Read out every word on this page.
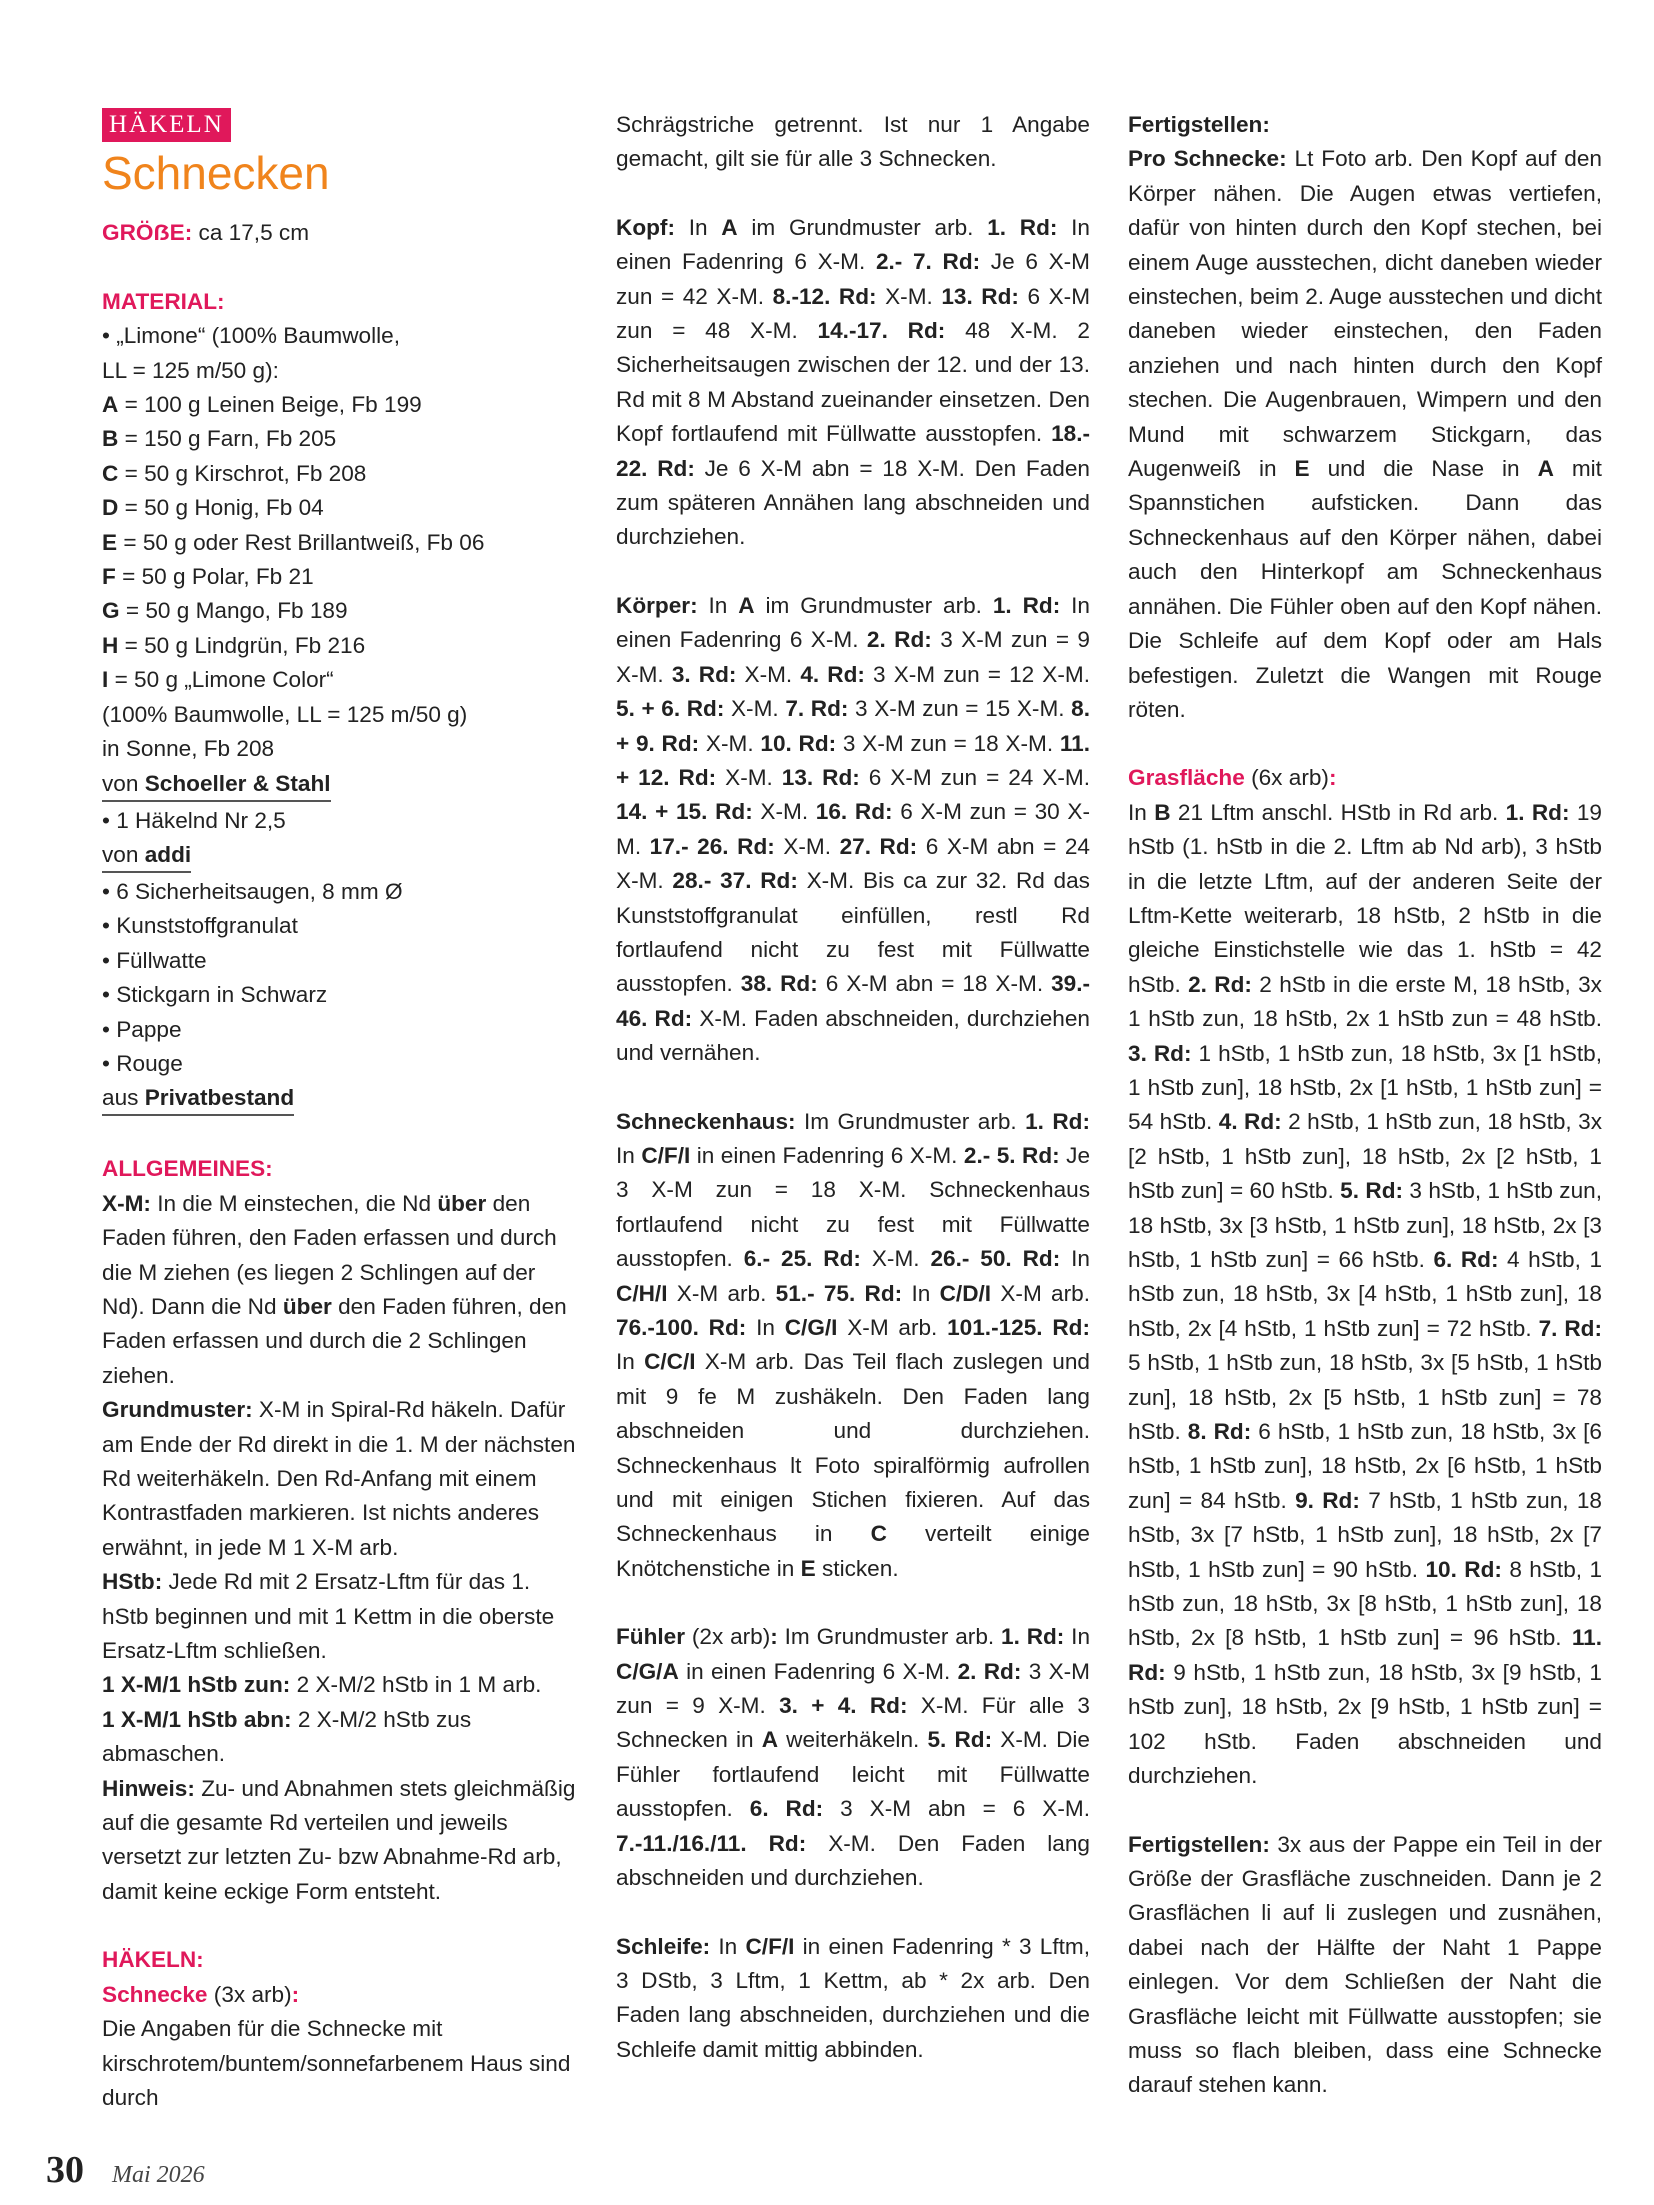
HÄKELN
Schnecken

GRÖẞE: ca 17,5 cm

MATERIAL:

• „Limone“ (100% Baumwolle,

LL = 125 m/50 g):

A = 100 g Leinen Beige, Fb 199

B = 150 g Farn, Fb 205

C = 50 g Kirschrot, Fb 208

D = 50 g Honig, Fb 04

E = 50 g oder Rest Brillantweiß, Fb 06

F = 50 g Polar, Fb 21

G = 50 g Mango, Fb 189

H = 50 g Lindgrün, Fb 216

I = 50 g „Limone Color“

(100% Baumwolle, LL = 125 m/50 g)

in Sonne, Fb 208

von Schoeller & Stahl

• 1 Häkelnd Nr 2,5

von addi

• 6 Sicherheitsaugen, 8 mm Ø

• Kunststoffgranulat

• Füllwatte

• Stickgarn in Schwarz

• Pappe

• Rouge

aus Privatbestand

ALLGEMEINES:

X-M: In die M einstechen, die Nd über den Faden führen, den Faden erfassen und durch die M ziehen (es liegen 2 Schlingen auf der Nd). Dann die Nd über den Faden führen, den Faden erfassen und durch die 2 Schlingen ziehen.

Grundmuster: X-M in Spiral-Rd häkeln. Dafür am Ende der Rd direkt in die 1. M der nächsten Rd weiterhäkeln. Den Rd-Anfang mit einem Kontrastfaden markieren. Ist nichts anderes erwähnt, in jede M 1 X-M arb.

HStb: Jede Rd mit 2 Ersatz-Lftm für das 1. hStb beginnen und mit 1 Kettm in die oberste Ersatz-Lftm schließen.

1 X-M/1 hStb zun: 2 X-M/2 hStb in 1 M arb.

1 X-M/1 hStb abn: 2 X-M/2 hStb zus abmaschen.

Hinweis: Zu- und Abnahmen stets gleichmäßig auf die gesamte Rd verteilen und jeweils versetzt zur letzten Zu- bzw Abnahme-Rd arb, damit keine eckige Form entsteht.

HÄKELN:

Schnecke (3x arb):

Die Angaben für die Schnecke mit kirschrotem/buntem/sonnefarbenem Haus sind durch

Schrägstriche getrennt. Ist nur 1 Angabe gemacht, gilt sie für alle 3 Schnecken.

Kopf: In A im Grundmuster arb. 1. Rd: In einen Fadenring 6 X-M. 2.- 7. Rd: Je 6 X-M zun = 42 X-M. 8.-12. Rd: X-M. 13. Rd: 6 X-M zun = 48 X-M. 14.-17. Rd: 48 X-M. 2 Sicherheitsaugen zwischen der 12. und der 13. Rd mit 8 M Abstand zueinander einsetzen. Den Kopf fortlaufend mit Füllwatte ausstopfen. 18.- 22. Rd: Je 6 X-M abn = 18 X-M. Den Faden zum späteren Annähen lang abschneiden und durchziehen.

Körper: In A im Grundmuster arb. 1. Rd: In einen Fadenring 6 X-M. 2. Rd: 3 X-M zun = 9 X-M. 3. Rd: X-M. 4. Rd: 3 X-M zun = 12 X-M. 5. + 6. Rd: X-M. 7. Rd: 3 X-M zun = 15 X-M. 8. + 9. Rd: X-M. 10. Rd: 3 X-M zun = 18 X-M. 11. + 12. Rd: X-M. 13. Rd: 6 X-M zun = 24 X-M. 14. + 15. Rd: X-M. 16. Rd: 6 X-M zun = 30 X-M. 17.- 26. Rd: X-M. 27. Rd: 6 X-M abn = 24 X-M. 28.- 37. Rd: X-M. Bis ca zur 32. Rd das Kunststoffgranulat einfüllen, restl Rd fortlaufend nicht zu fest mit Füllwatte ausstopfen. 38. Rd: 6 X-M abn = 18 X-M. 39.- 46. Rd: X-M. Faden abschneiden, durchziehen und vernähen.

Schneckenhaus: Im Grundmuster arb. 1. Rd: In C/F/I in einen Fadenring 6 X-M. 2.- 5. Rd: Je 3 X-M zun = 18 X-M. Schneckenhaus fortlaufend nicht zu fest mit Füllwatte ausstopfen. 6.- 25. Rd: X-M. 26.- 50. Rd: In C/H/I X-M arb. 51.- 75. Rd: In C/D/I X-M arb. 76.-100. Rd: In C/G/I X-M arb. 101.-125. Rd: In C/C/I X-M arb. Das Teil flach zuslegen und mit 9 fe M zushäkeln. Den Faden lang abschneiden und durchziehen. Schneckenhaus lt Foto spiralförmig aufrollen und mit einigen Stichen fixieren. Auf das Schneckenhaus in C verteilt einige Knötchenstiche in E sticken.

Fühler (2x arb): Im Grundmuster arb. 1. Rd: In C/G/A in einen Fadenring 6 X-M. 2. Rd: 3 X-M zun = 9 X-M. 3. + 4. Rd: X-M. Für alle 3 Schnecken in A weiterhäkeln. 5. Rd: X-M. Die Fühler fortlaufend leicht mit Füllwatte ausstopfen. 6. Rd: 3 X-M abn = 6 X-M. 7.-11./16./11. Rd: X-M. Den Faden lang abschneiden und durchziehen.

Schleife: In C/F/I in einen Fadenring * 3 Lftm, 3 DStb, 3 Lftm, 1 Kettm, ab * 2x arb. Den Faden lang abschneiden, durchziehen und die Schleife damit mittig abbinden.

Fertigstellen:

Pro Schnecke: Lt Foto arb. Den Kopf auf den Körper nähen. Die Augen etwas vertiefen, dafür von hinten durch den Kopf stechen, bei einem Auge ausstechen, dicht daneben wieder einstechen, beim 2. Auge ausstechen und dicht daneben wieder einstechen, den Faden anziehen und nach hinten durch den Kopf stechen. Die Augenbrauen, Wimpern und den Mund mit schwarzem Stickgarn, das Augenweiß in E und die Nase in A mit Spannstichen aufsticken. Dann das Schneckenhaus auf den Körper nähen, dabei auch den Hinterkopf am Schneckenhaus annähen. Die Fühler oben auf den Kopf nähen. Die Schleife auf dem Kopf oder am Hals befestigen. Zuletzt die Wangen mit Rouge röten.

Grasfläche (6x arb):

In B 21 Lftm anschl. HStb in Rd arb. 1. Rd: 19 hStb (1. hStb in die 2. Lftm ab Nd arb), 3 hStb in die letzte Lftm, auf der anderen Seite der Lftm-Kette weiterarb, 18 hStb, 2 hStb in die gleiche Einstichstelle wie das 1. hStb = 42 hStb. 2. Rd: 2 hStb in die erste M, 18 hStb, 3x 1 hStb zun, 18 hStb, 2x 1 hStb zun = 48 hStb. 3. Rd: 1 hStb, 1 hStb zun, 18 hStb, 3x [1 hStb, 1 hStb zun], 18 hStb, 2x [1 hStb, 1 hStb zun] = 54 hStb. 4. Rd: 2 hStb, 1 hStb zun, 18 hStb, 3x [2 hStb, 1 hStb zun], 18 hStb, 2x [2 hStb, 1 hStb zun] = 60 hStb. 5. Rd: 3 hStb, 1 hStb zun, 18 hStb, 3x [3 hStb, 1 hStb zun], 18 hStb, 2x [3 hStb, 1 hStb zun] = 66 hStb. 6. Rd: 4 hStb, 1 hStb zun, 18 hStb, 3x [4 hStb, 1 hStb zun], 18 hStb, 2x [4 hStb, 1 hStb zun] = 72 hStb. 7. Rd: 5 hStb, 1 hStb zun, 18 hStb, 3x [5 hStb, 1 hStb zun], 18 hStb, 2x [5 hStb, 1 hStb zun] = 78 hStb. 8. Rd: 6 hStb, 1 hStb zun, 18 hStb, 3x [6 hStb, 1 hStb zun], 18 hStb, 2x [6 hStb, 1 hStb zun] = 84 hStb. 9. Rd: 7 hStb, 1 hStb zun, 18 hStb, 3x [7 hStb, 1 hStb zun], 18 hStb, 2x [7 hStb, 1 hStb zun] = 90 hStb. 10. Rd: 8 hStb, 1 hStb zun, 18 hStb, 3x [8 hStb, 1 hStb zun], 18 hStb, 2x [8 hStb, 1 hStb zun] = 96 hStb. 11. Rd: 9 hStb, 1 hStb zun, 18 hStb, 3x [9 hStb, 1 hStb zun], 18 hStb, 2x [9 hStb, 1 hStb zun] = 102 hStb. Faden abschneiden und durchziehen.

Fertigstellen: 3x aus der Pappe ein Teil in der Größe der Grasfläche zuschneiden. Dann je 2 Grasflächen li auf li zuslegen und zusnähen, dabei nach der Hälfte der Naht 1 Pappe einlegen. Vor dem Schließen der Naht die Grasfläche leicht mit Füllwatte ausstopfen; sie muss so flach bleiben, dass eine Schnecke darauf stehen kann.

30 Mai 2026
